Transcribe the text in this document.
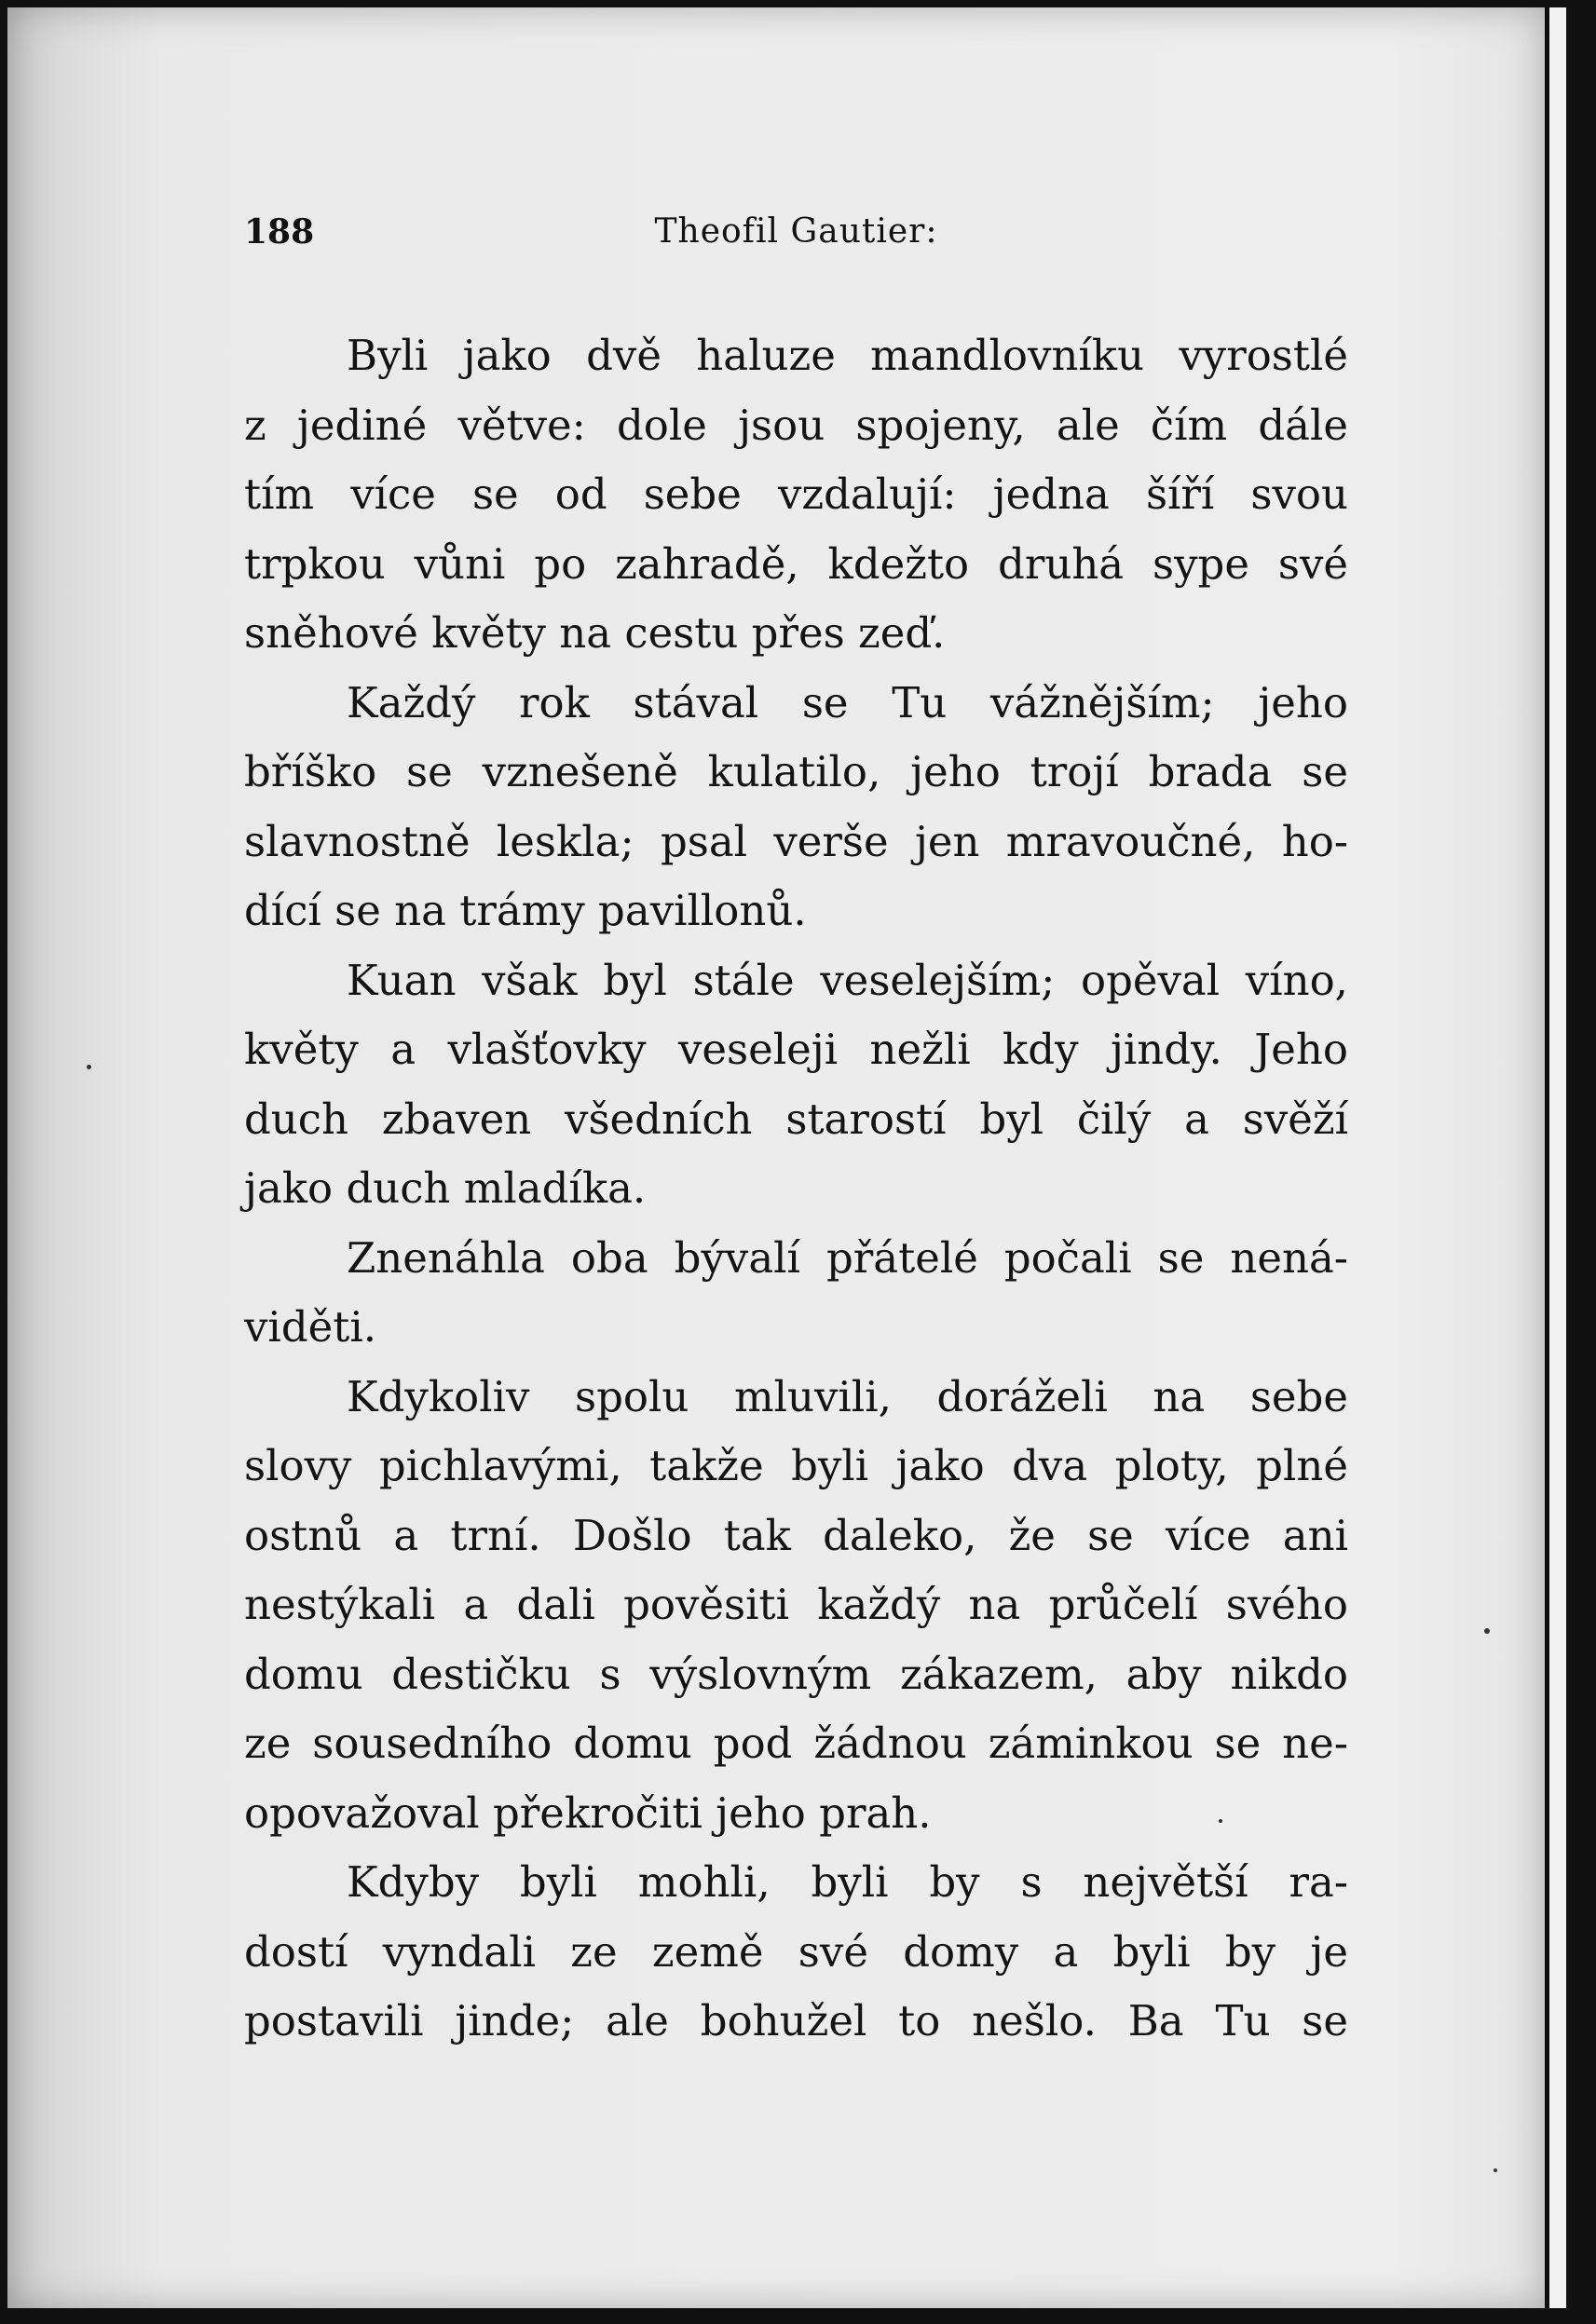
188	Theofil Gautier:
Byli jako dvě haluze mandlovníku vyrostlé
z jediné větve: dole jsou spojeny, ale čím dále
tím více se od sebe vzdalují: jedna šíří svou
trpkou vůni po zahradě, kdežto druhá sype své
sněhové květy na cestu přes zeď.
Každý rok stával se Tu vážnějším; jeho
bříško se vznešeně kulatilo, jeho trojí brada se
slavnostně leskla; psal verše jen mravoučné, ho-
dící se na trámy pavillonů.
Kuan však byl stále veselejším; opěval víno,
květy a vlašťovky veseleji nežli kdy jindy. Jeho
duch zbaven všedních starostí byl čilý a svěží
jako duch mladíka.
Znenáhla oba bývalí přátelé počali se nená-
viděti.
Kdykoliv spolu mluvili, doráželi na sebe
slovy pichlavými, takže byli jako dva ploty, plné
ostnů a trní. Došlo tak daleko, že se více ani
nestýkali a dali pověsiti každý na průčelí svého
domu destičku s výslovným zákazem, aby nikdo
ze sousedního domu pod žádnou záminkou se ne-
opovažoval překročiti jeho prah.
Kdyby byli mohli, byli by s největší ra-
dostí vyndali ze země své domy a byli by je
postavili jinde; ale bohužel to nešlo. Ba Tu se
